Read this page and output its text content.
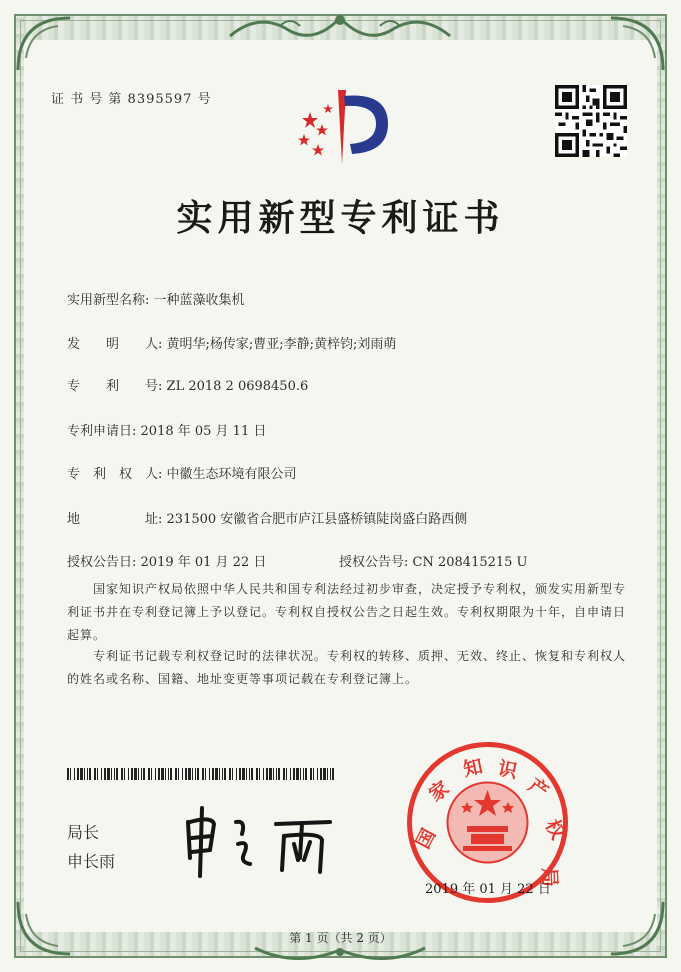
证 书 号 第 8395597 号
实用新型专利证书
实用新型名称: 一种蓝藻收集机
发　　明　　人: 黄明华;杨传家;曹亚;李静;黄梓钧;刘雨萌
专　　利　　号: ZL 2018 2 0698450.6
专利申请日: 2018 年 05 月 11 日
专　利　权　人: 中徽生态环境有限公司
地　　　　　址: 231500 安徽省合肥市庐江县盛桥镇陡岗盛白路西侧
授权公告日: 2019 年 01 月 22 日	授权公告号: CN 208415215 U
国家知识产权局依照中华人民共和国专利法经过初步审查，决定授予专利权，颁发实用新型专利证书并在专利登记簿上予以登记。专利权自授权公告之日起生效。专利权期限为十年，自申请日起算。
专利证书记载专利权登记时的法律状况。专利权的转移、质押、无效、终止、恢复和专利权人的姓名或名称、国籍、地址变更等事项记载在专利登记簿上。
局长
申长雨
国
家
知 识
产
权
局
2019 年 01 月 22 日
第 1 页（共 2 页）
